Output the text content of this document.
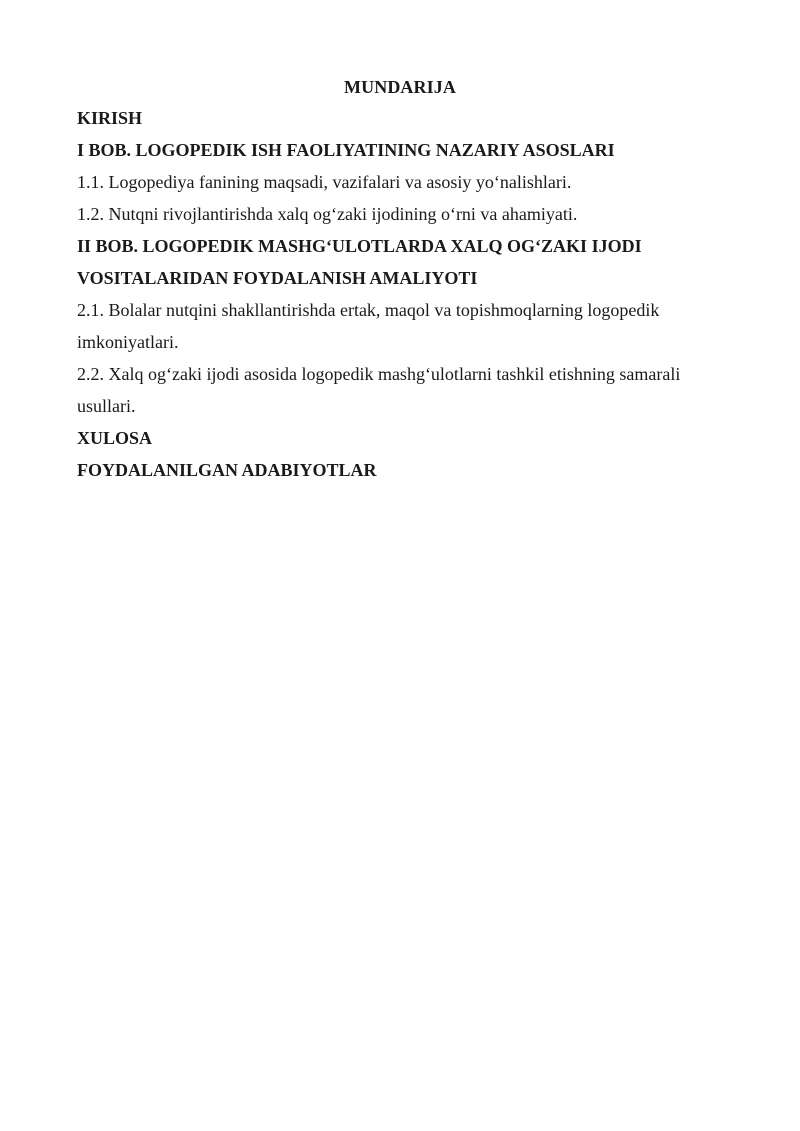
MUNDARIJA
KIRISH
I BOB. LOGOPEDIK ISH FAOLIYATINING NAZARIY ASOSLARI
1.1. Logopediya fanining maqsadi, vazifalari va asosiy yo‘nalishlari.
1.2. Nutqni rivojlantirishda xalq og‘zaki ijodining o‘rni va ahamiyati.
II BOB. LOGOPEDIK MASHG‘ULOTLARDA XALQ OG‘ZAKI IJODI
VOSITALARIDAN FOYDALANISH AMALIYOTI
2.1. Bolalar nutqini shakllantirishda ertak, maqol va topishmoqlarning logopedik
imkoniyatlari.
2.2. Xalq og‘zaki ijodi asosida logopedik mashg‘ulotlarni tashkil etishning samarali
usullari.
XULOSA
FOYDALANILGAN ADABIYOTLAR
